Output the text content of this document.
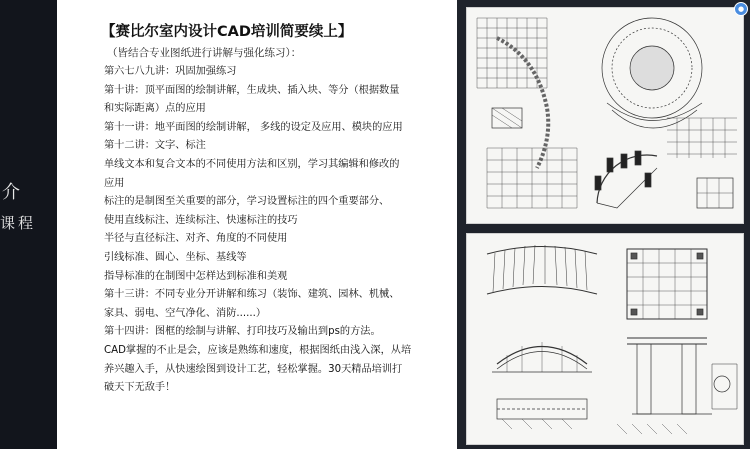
介
课程
【赛比尔室内设计CAD培训简要续上】
（皆结合专业图纸进行讲解与强化练习）：
第六七八九讲：巩固加强练习
第十讲：顶平面图的绘制讲解，生成块、插入块、等分（根据数量
和实际距离）点的应用
第十一讲：地平面图的绘制讲解， 多线的设定及应用、模块的应用
第十二讲：文字、标注
单线文本和复合文本的不同使用方法和区别，学习其编辑和修改的
应用
标注的是制图至关重要的部分，学习设置标注的四个重要部分、
使用直线标注、连续标注、快速标注的技巧
半径与直径标注、对齐、角度的不同使用
引线标准、圆心、坐标、基线等
指导标准的在制图中怎样达到标准和美观
第十三讲：不同专业分开讲解和练习（装饰、建筑、园林、机械、
家具、弱电、空气净化、消防......）
第十四讲：图框的绘制与讲解、打印技巧及输出到ps的方法。
CAD掌握的不止是会，应该是熟练和速度，根据图纸由浅入深，从培
养兴趣入手，从快速绘图到设计工艺，轻松掌握。30天精品培训打
破天下无敌手！
●
